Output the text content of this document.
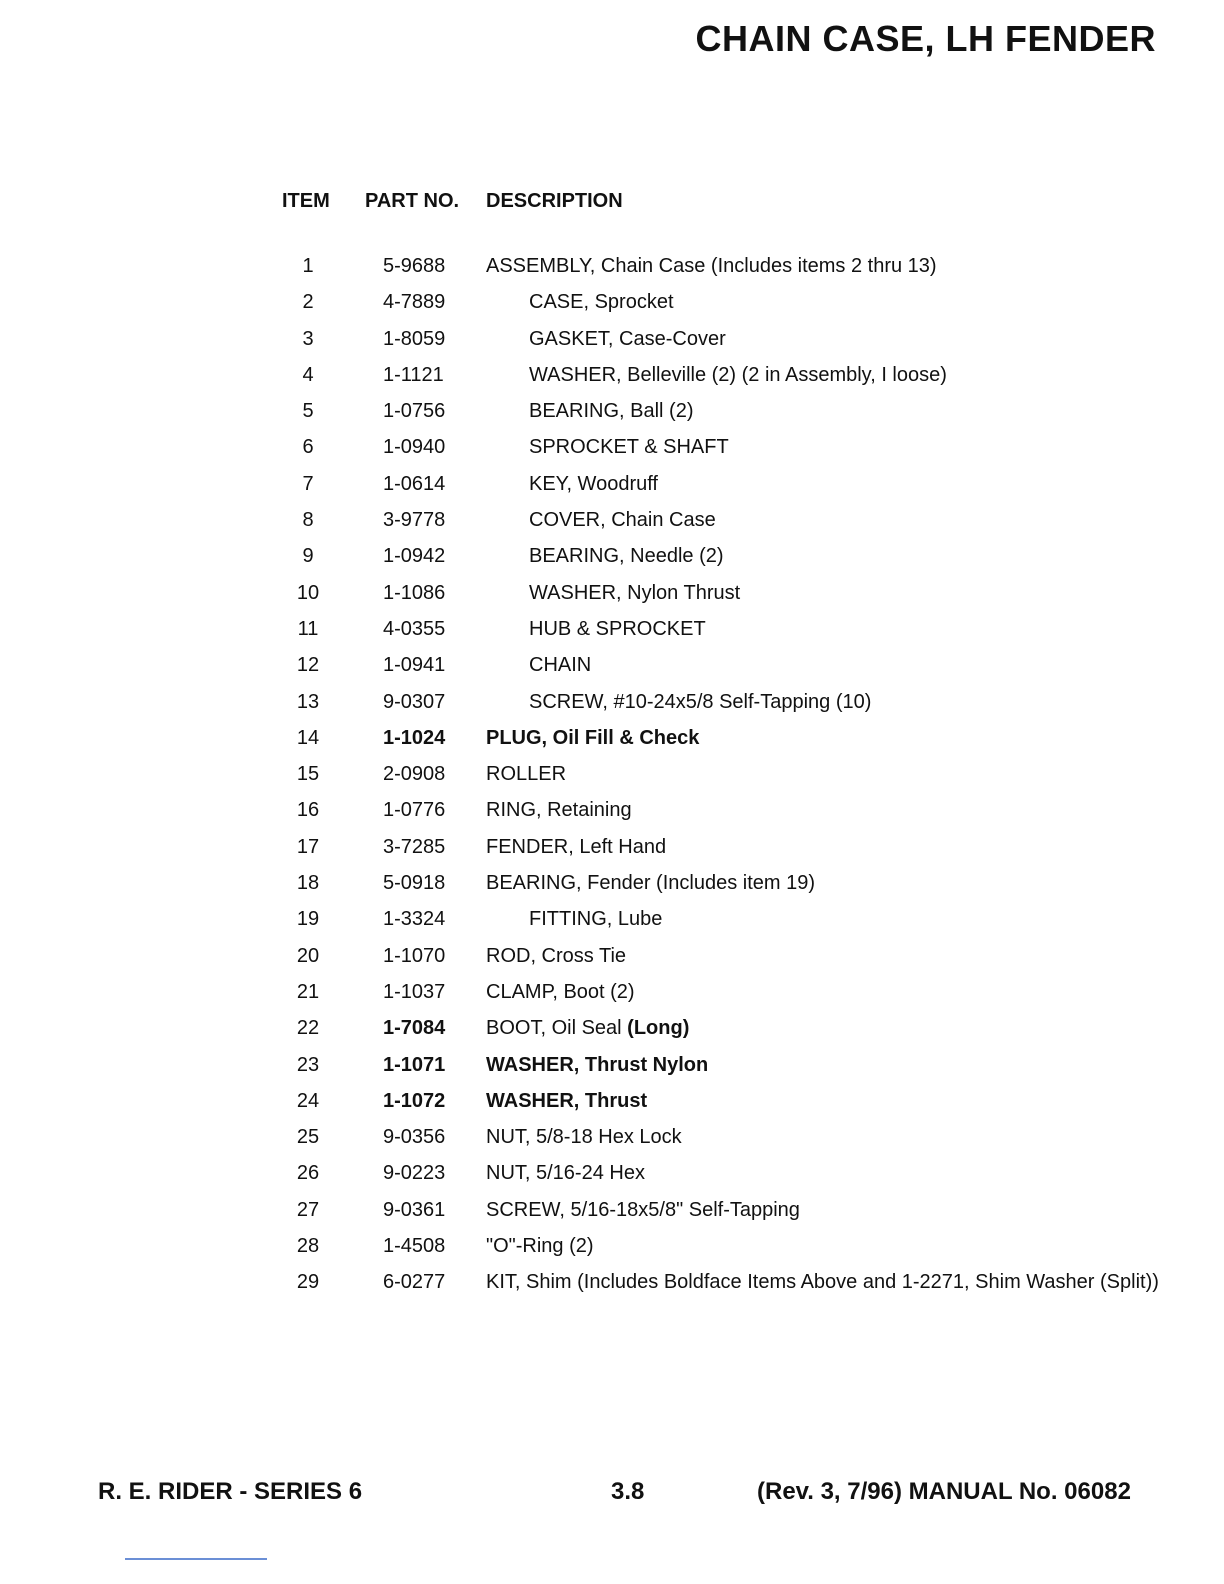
CHAIN CASE, LH FENDER
ITEM PART NO. DESCRIPTION
1	5-9688 ASSEMBLY, Chain Case (Includes items 2 thru 13)
2	4-7889	CASE, Sprocket
3	1-8059	GASKET, Case-Cover
4	1-1121	WASHER, Belleville (2) (2 in Assembly, I loose)
5	1-0756	BEARING, Ball (2)
6	1-0940	SPROCKET & SHAFT
7	1-0614	KEY, Woodruff
8	3-9778	COVER, Chain Case
9	1-0942	BEARING, Needle (2)
10	1-1086	WASHER, Nylon Thrust
11	4-0355	HUB & SPROCKET
12	1-0941	CHAIN
13	9-0307	SCREW, #10-24x5/8 Self-Tapping (10)
14	1-1024 PLUG, Oil Fill & Check
15	2-0908 ROLLER
16	1-0776 RING, Retaining
17	3-7285 FENDER, Left Hand
18	5-0918 BEARING, Fender (Includes item 19)
19	1-3324	FITTING, Lube
20	1-1070 ROD, Cross Tie
21	1-1037 CLAMP, Boot (2)
22	1-7084 BOOT, Oil Seal (Long)
23	1-1071 WASHER, Thrust Nylon
24	1-1072 WASHER, Thrust
25	9-0356 NUT, 5/8-18 Hex Lock
26	9-0223 NUT, 5/16-24 Hex
27	9-0361 SCREW, 5/16-18x5/8" Self-Tapping
28	1-4508 "O"-Ring (2)
29	6-0277 KIT, Shim (Includes Boldface Items Above and 1-2271, Shim Washer (Split))
R. E. RIDER - SERIES 6	3.8	(Rev. 3, 7/96) MANUAL No. 06082
